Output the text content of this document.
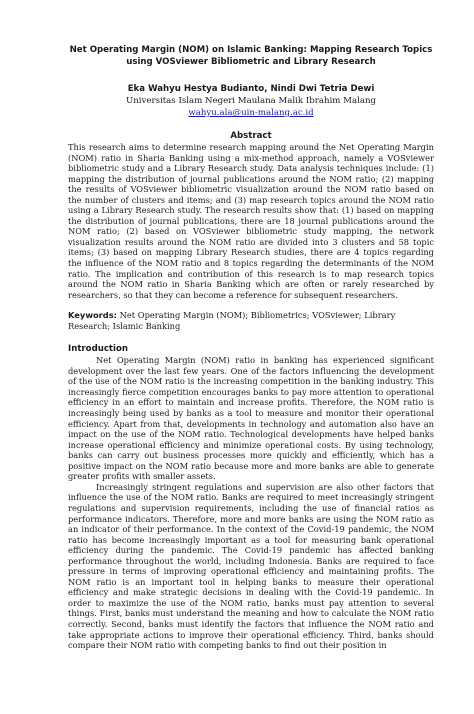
Net Operating Margin (NOM) on Islamic Banking: Mapping Research Topics using VOSviewer Bibliometric and Library Research
Eka Wahyu Hestya Budianto, Nindi Dwi Tetria Dewi
Universitas Islam Negeri Maulana Malik Ibrahim Malang
wahyu.ala@uin-malang.ac.id
Abstract

This research aims to determine research mapping around the Net Operating Margin (NOM) ratio in Sharia Banking using a mix-method approach, namely a VOSviewer bibliometric study and a Library Research study. Data analysis techniques include: (1) mapping the distribution of journal publications around the NOM ratio; (2) mapping the results of VOSviewer bibliometric visualization around the NOM ratio based on the number of clusters and items; and (3) map research topics around the NOM ratio using a Library Research study. The research results show that: (1) based on mapping the distribution of journal publications, there are 18 journal publications around the NOM ratio; (2) based on VOSviewer bibliometric study mapping, the network visualization results around the NOM ratio are divided into 3 clusters and 58 topic items; (3) based on mapping Library Research studies, there are 4 topics regarding the influence of the NOM ratio and 8 topics regarding the determinants of the NOM ratio. The implication and contribution of this research is to map research topics around the NOM ratio in Sharia Banking which are often or rarely researched by researchers, so that they can become a reference for subsequent researchers.

Keywords: Net Operating Margin (NOM); Bibliometrics; VOSviewer; Library Research; Islamic Banking
Introduction

Net Operating Margin (NOM) ratio in banking has experienced significant development over the last few years. One of the factors influencing the development of the use of the NOM ratio is the increasing competition in the banking industry. This increasingly fierce competition encourages banks to pay more attention to operational efficiency in an effort to maintain and increase profits. Therefore, the NOM ratio is increasingly being used by banks as a tool to measure and monitor their operational efficiency. Apart from that, developments in technology and automation also have an impact on the use of the NOM ratio. Technological developments have helped banks increase operational efficiency and minimize operational costs. By using technology, banks can carry out business processes more quickly and efficiently, which has a positive impact on the NOM ratio because more and more banks are able to generate greater profits with smaller assets.

Increasingly stringent regulations and supervision are also other factors that influence the use of the NOM ratio. Banks are required to meet increasingly stringent regulations and supervision requirements, including the use of financial ratios as performance indicators. Therefore, more and more banks are using the NOM ratio as an indicator of their performance. In the context of the Covid-19 pandemic, the NOM ratio has become increasingly important as a tool for measuring bank operational efficiency during the pandemic. The Covid-19 pandemic has affected banking performance throughout the world, including Indonesia. Banks are required to face pressure in terms of improving operational efficiency and maintaining profits. The NOM ratio is an important tool in helping banks to measure their operational efficiency and make strategic decisions in dealing with the Covid-19 pandemic. In order to maximize the use of the NOM ratio, banks must pay attention to several things. First, banks must understand the meaning and how to calculate the NOM ratio correctly. Second, banks must identify the factors that influence the NOM ratio and take appropriate actions to improve their operational efficiency. Third, banks should compare their NOM ratio with competing banks to find out their position in
